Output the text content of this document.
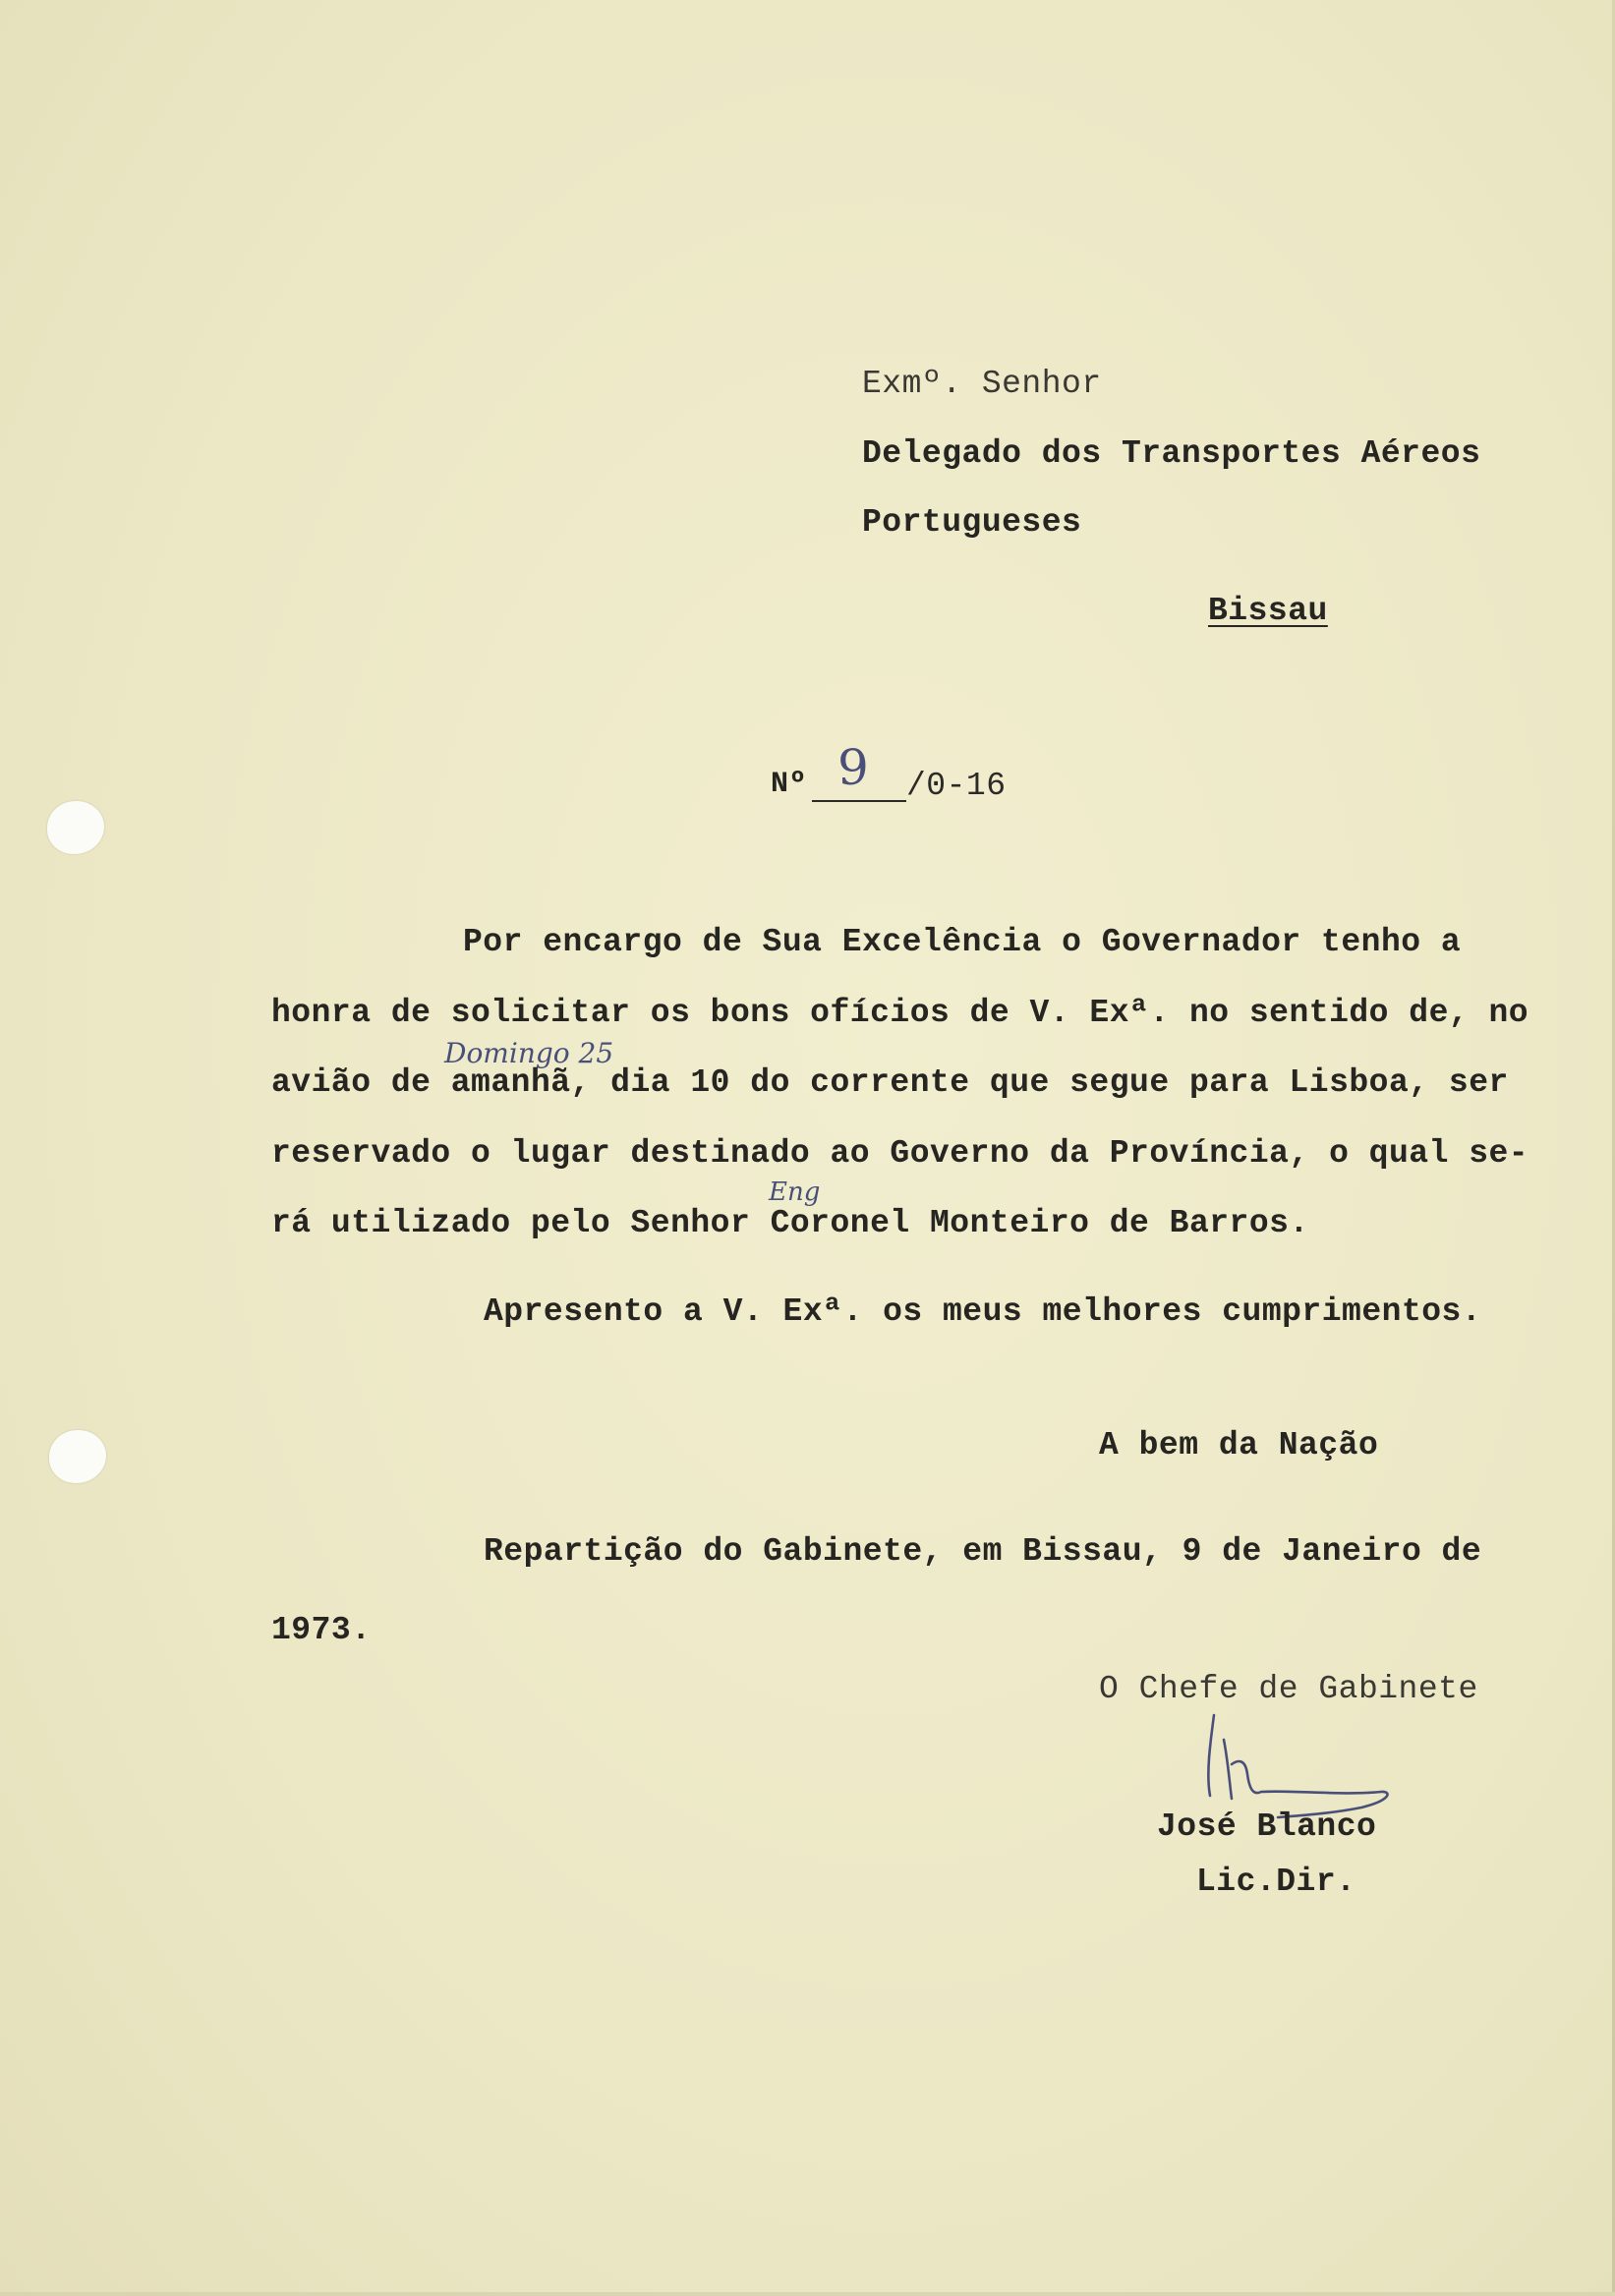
Exmº. Senhor
Delegado dos Transportes Aéreos
Portugueses
Bissau
Nº 9 /0-16
Domingo 25
Eng
Por encargo de Sua Excelência o Governador tenho a
honra de solicitar os bons ofícios de V. Exª. no sentido de, no
avião de amanhã, dia 10 do corrente que segue para Lisboa, ser
reservado o lugar destinado ao Governo da Província, o qual se-
rá utilizado pelo Senhor Coronel Monteiro de Barros.
Apresento a V. Exª. os meus melhores cumprimentos.
A bem da Nação
Repartição do Gabinete, em Bissau, 9 de Janeiro de
1973.
O Chefe de Gabinete
José Blanco
Lic.Dir.
